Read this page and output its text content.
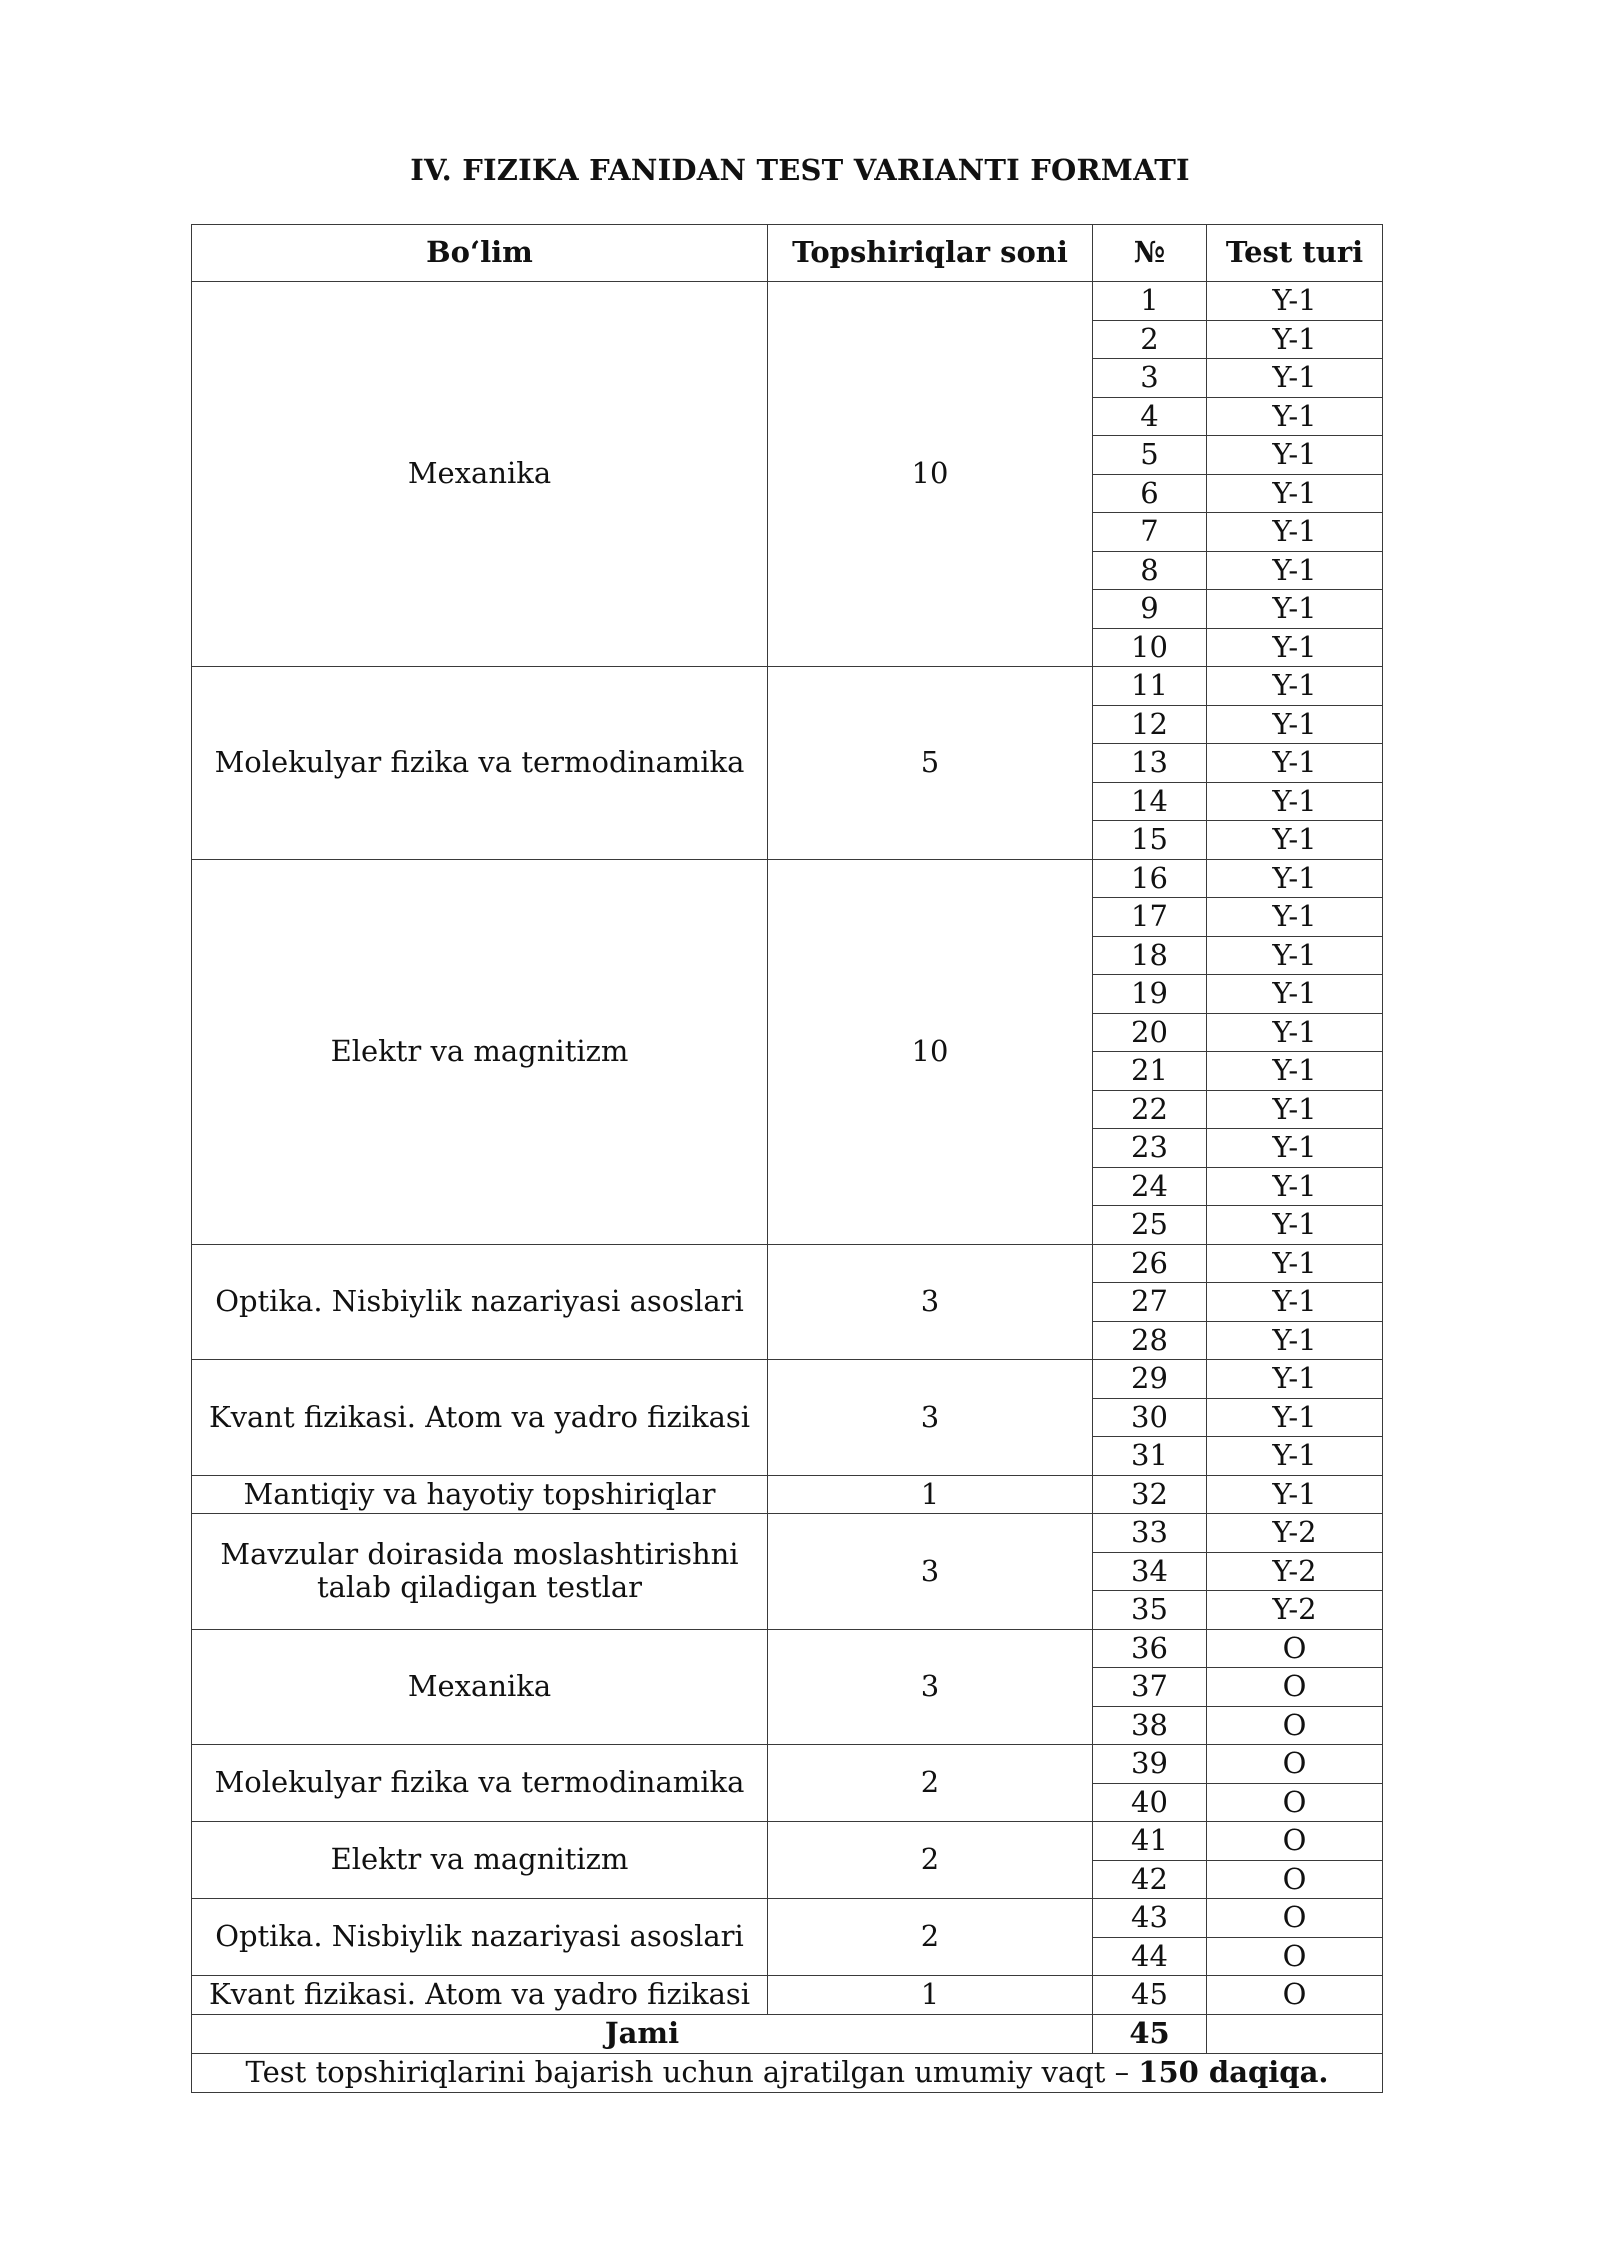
IV. FIZIKA FANIDAN TEST VARIANTI FORMATI
Bo‘lim	Topshiriqlar soni	№	Test turi
Mexanika	10	1	Y-1
		2	Y-1
		3	Y-1
		4	Y-1
		5	Y-1
		6	Y-1
		7	Y-1
		8	Y-1
		9	Y-1
		10	Y-1
Molekulyar fizika va termodinamika	5	11	Y-1
		12	Y-1
		13	Y-1
		14	Y-1
		15	Y-1
Elektr va magnitizm	10	16	Y-1
		17	Y-1
		18	Y-1
		19	Y-1
		20	Y-1
		21	Y-1
		22	Y-1
		23	Y-1
		24	Y-1
		25	Y-1
Optika. Nisbiylik nazariyasi asoslari	3	26	Y-1
		27	Y-1
		28	Y-1
Kvant fizikasi. Atom va yadro fizikasi	3	29	Y-1
		30	Y-1
		31	Y-1
Mantiqiy va hayotiy topshiriqlar	1	32	Y-1
Mavzular doirasida moslashtirishni talab qiladigan testlar	3	33	Y-2
		34	Y-2
		35	Y-2
Mexanika	3	36	O
		37	O
		38	O
Molekulyar fizika va termodinamika	2	39	O
		40	O
Elektr va magnitizm	2	41	O
		42	O
Optika. Nisbiylik nazariyasi asoslari	2	43	O
		44	O
Kvant fizikasi. Atom va yadro fizikasi	1	45	O
Jami		45	
Test topshiriqlarini bajarish uchun ajratilgan umumiy vaqt – 150 daqiqa.			
